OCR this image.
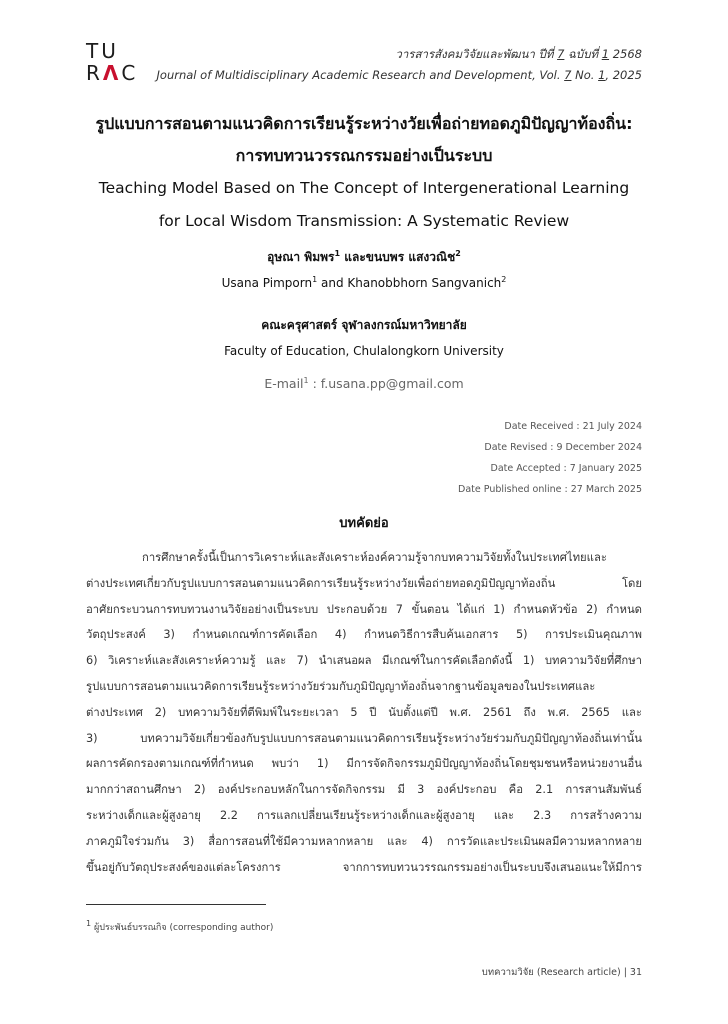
TU
RΛC
วารสารสังคมวิจัยและพัฒนา ปีที่ 7 ฉบับที่ 1 2568
Journal of Multidisciplinary Academic Research and Development, Vol. 7 No. 1, 2025

รูปแบบการสอนตามแนวคิดการเรียนรู้ระหว่างวัยเพื่อถ่ายทอดภูมิปัญญาท้องถิ่น:

การทบทวนวรรณกรรมอย่างเป็นระบบ

Teaching Model Based on The Concept of Intergenerational Learning

for Local Wisdom Transmission: A Systematic Review

อุษณา พิมพร$^1$ และขนบพร แสงวณิช$^2$
Usana Pimporn$^1$ and Khanobbhorn Sangvanich$^2$
คณะครุศาสตร์ จุฬาลงกรณ์มหาวิทยาลัย
Faculty of Education, Chulalongkorn University
E-mail$^1$ : f.usana.pp@gmail.com
Date Received : 21 July 2024
Date Revised : 9 December 2024
Date Accepted : 7 January 2025
Date Published online : 27 March 2025
บทคัดย่อ
การศึกษาครั้งนี้เป็นการวิเคราะห์และสังเคราะห์องค์ความรู้จากบทความวิจัยทั้งในประเทศไทยและ
ต่างประเทศเกี่ยวกับรูปแบบการสอนตามแนวคิดการเรียนรู้ระหว่างวัยเพื่อถ่ายทอดภูมิปัญญาท้องถิ่น โดย
อาศัยกระบวนการทบทวนงานวิจัยอย่างเป็นระบบ ประกอบด้วย 7 ขั้นตอน ได้แก่ 1) กำหนดหัวข้อ 2) กำหนด
วัตถุประสงค์ 3) กำหนดเกณฑ์การคัดเลือก 4) กำหนดวิธีการสืบค้นเอกสาร 5) การประเมินคุณภาพ
6) วิเคราะห์และสังเคราะห์ความรู้ และ 7) นำเสนอผล มีเกณฑ์ในการคัดเลือกดังนี้ 1) บทความวิจัยที่ศึกษา
รูปแบบการสอนตามแนวคิดการเรียนรู้ระหว่างวัยร่วมกับภูมิปัญญาท้องถิ่นจากฐานข้อมูลของในประเทศและ
ต่างประเทศ 2) บทความวิจัยที่ตีพิมพ์ในระยะเวลา 5 ปี นับตั้งแต่ปี พ.ศ. 2561 ถึง พ.ศ. 2565 และ
3) บทความวิจัยเกี่ยวข้องกับรูปแบบการสอนตามแนวคิดการเรียนรู้ระหว่างวัยร่วมกับภูมิปัญญาท้องถิ่นเท่านั้น
ผลการคัดกรองตามเกณฑ์ที่กำหนด พบว่า 1) มีการจัดกิจกรรมภูมิปัญญาท้องถิ่นโดยชุมชนหรือหน่วยงานอื่น
มากกว่าสถานศึกษา 2) องค์ประกอบหลักในการจัดกิจกรรม มี 3 องค์ประกอบ คือ 2.1 การสานสัมพันธ์
ระหว่างเด็กและผู้สูงอายุ 2.2 การแลกเปลี่ยนเรียนรู้ระหว่างเด็กและผู้สูงอายุ และ 2.3 การสร้างความ
ภาคภูมิใจร่วมกัน 3) สื่อการสอนที่ใช้มีความหลากหลาย และ 4) การวัดและประเมินผลมีความหลากหลาย
ขึ้นอยู่กับวัตถุประสงค์ของแต่ละโครงการ จากการทบทวนวรรณกรรมอย่างเป็นระบบจึงเสนอแนะให้มีการ
$^1$ ผู้ประพันธ์บรรณกิจ (corresponding author)
บทความวิจัย (Research article) | 31
